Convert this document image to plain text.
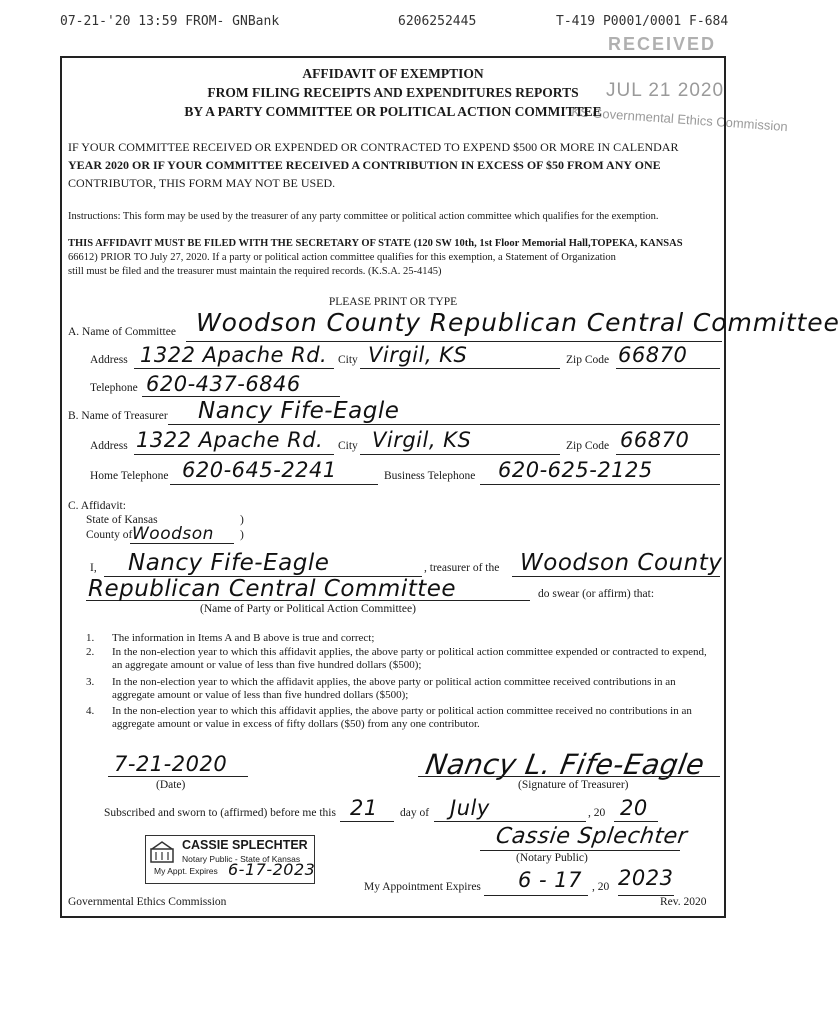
07-21-'20 13:59 FROM- GNBank	6206252445	T-419 P0001/0001 F-684
RECEIVED
JUL 21 2020
KS Governmental Ethics Commission
AFFIDAVIT OF EXEMPTION
FROM FILING RECEIPTS AND EXPENDITURES REPORTS
BY A PARTY COMMITTEE OR POLITICAL ACTION COMMITTEE
IF YOUR COMMITTEE RECEIVED OR EXPENDED OR CONTRACTED TO EXPEND $500 OR MORE IN CALENDAR
YEAR 2020 OR IF YOUR COMMITTEE RECEIVED A CONTRIBUTION IN EXCESS OF $50 FROM ANY ONE
CONTRIBUTOR, THIS FORM MAY NOT BE USED.
Instructions: This form may be used by the treasurer of any party committee or political action committee which qualifies for the exemption.
THIS AFFIDAVIT MUST BE FILED WITH THE SECRETARY OF STATE (120 SW 10th, 1st Floor Memorial Hall,TOPEKA, KANSAS
66612) PRIOR TO July 27, 2020. If a party or political action committee qualifies for this exemption, a Statement of Organization
still must be filed and the treasurer must maintain the required records. (K.S.A. 25-4145)
PLEASE PRINT OR TYPE
A. Name of Committee Woodson County Republican Central Committee
Address 1322 Apache Rd. City Virgil, KS	Zip Code 66870
Telephone 620-437-6846
B. Name of Treasurer Nancy Fife-Eagle
Address 1322 Apache Rd. City Virgil, KS	Zip Code 66870
Home Telephone 620-645-2241	Business Telephone 620-625-2125
C. Affidavit:
State of Kansas	)
County of Woodson )
I, Nancy Fife-Eagle	, treasurer of the Woodson County
Republican Central Committee	do swear (or affirm) that:
(Name of Party or Political Action Committee)
1. The information in Items A and B above is true and correct;
2. In the non-election year to which this affidavit applies, the above party or political action committee expended or contracted to expend, an aggregate amount or value of less than five hundred dollars ($500);
3. In the non-election year to which the affidavit applies, the above party or political action committee received contributions in an aggregate amount or value of less than five hundred dollars ($500);
4. In the non-election year to which this affidavit applies, the above party or political action committee received no contributions in an aggregate amount or value in excess of fifty dollars ($50) from any one contributor.
7-21-2020
(Date)
Nancy L. Fife-Eagle
(Signature of Treasurer)
Subscribed and sworn to (affirmed) before me this 21 day of July	, 20 20
Cassie Splechter
(Notary Public)
CASSIE SPLECHTER
Notary Public - State of Kansas
My Appt. Expires 6-17-2023
My Appointment Expires 6 - 17 , 20 2023
Governmental Ethics Commission	Rev. 2020
